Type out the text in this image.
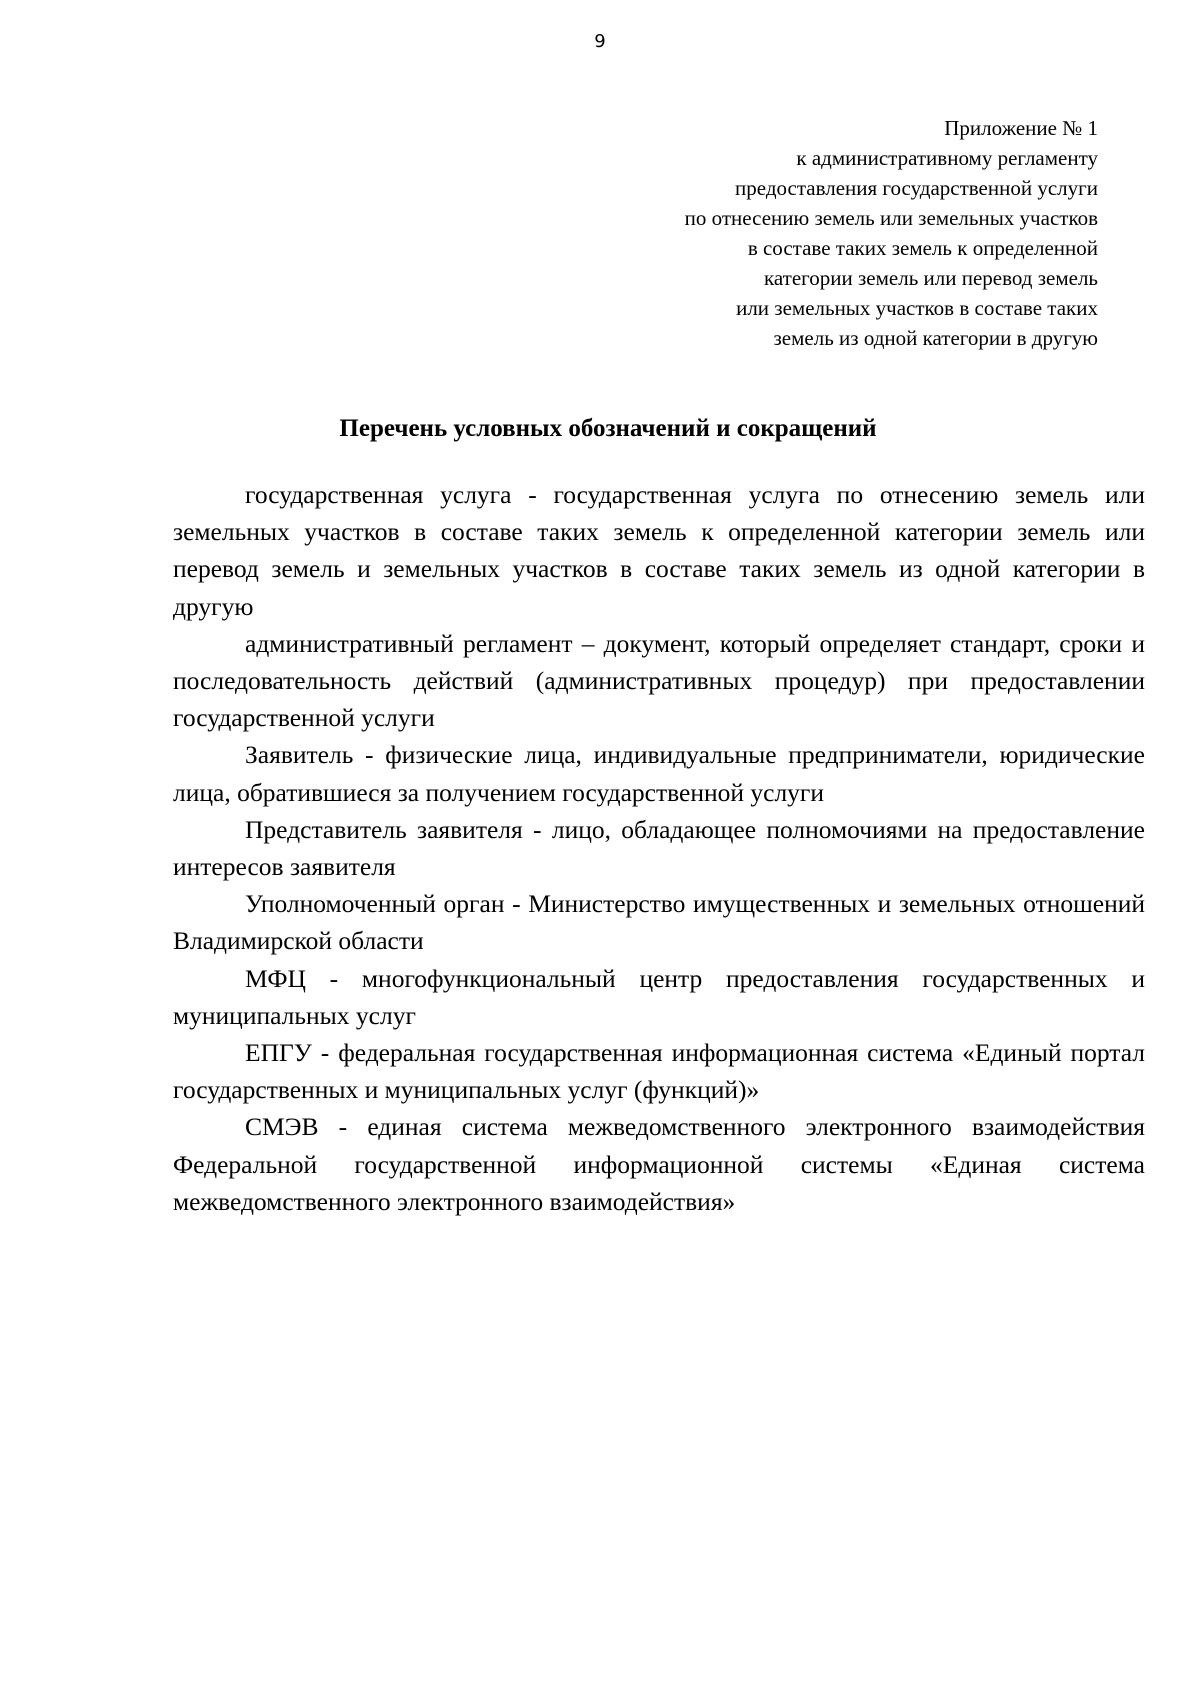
9
Приложение № 1
к административному регламенту
предоставления государственной услуги
по отнесению земель или земельных участков
в составе таких земель к определенной
категории земель или перевод земель
или земельных участков в составе таких
земель из одной категории в другую
Перечень условных обозначений и сокращений

государственная услуга - государственная услуга по отнесению земель или земельных участков в составе таких земель к определенной категории земель или перевод земель и земельных участков в составе таких земель из одной категории в другую

административный регламент – документ, который определяет стандарт, сроки и последовательность действий (административных процедур) при предоставлении государственной услуги

Заявитель - физические лица, индивидуальные предприниматели, юридические лица, обратившиеся за получением государственной услуги

Представитель заявителя - лицо, обладающее полномочиями на предоставление интересов заявителя

Уполномоченный орган - Министерство имущественных и земельных отношений Владимирской области

МФЦ - многофункциональный центр предоставления государственных и муниципальных услуг

ЕПГУ - федеральная государственная информационная система «Единый портал государственных и муниципальных услуг (функций)»

СМЭВ - единая система межведомственного электронного взаимодействия Федеральной государственной информационной системы «Единая система межведомственного электронного взаимодействия»
